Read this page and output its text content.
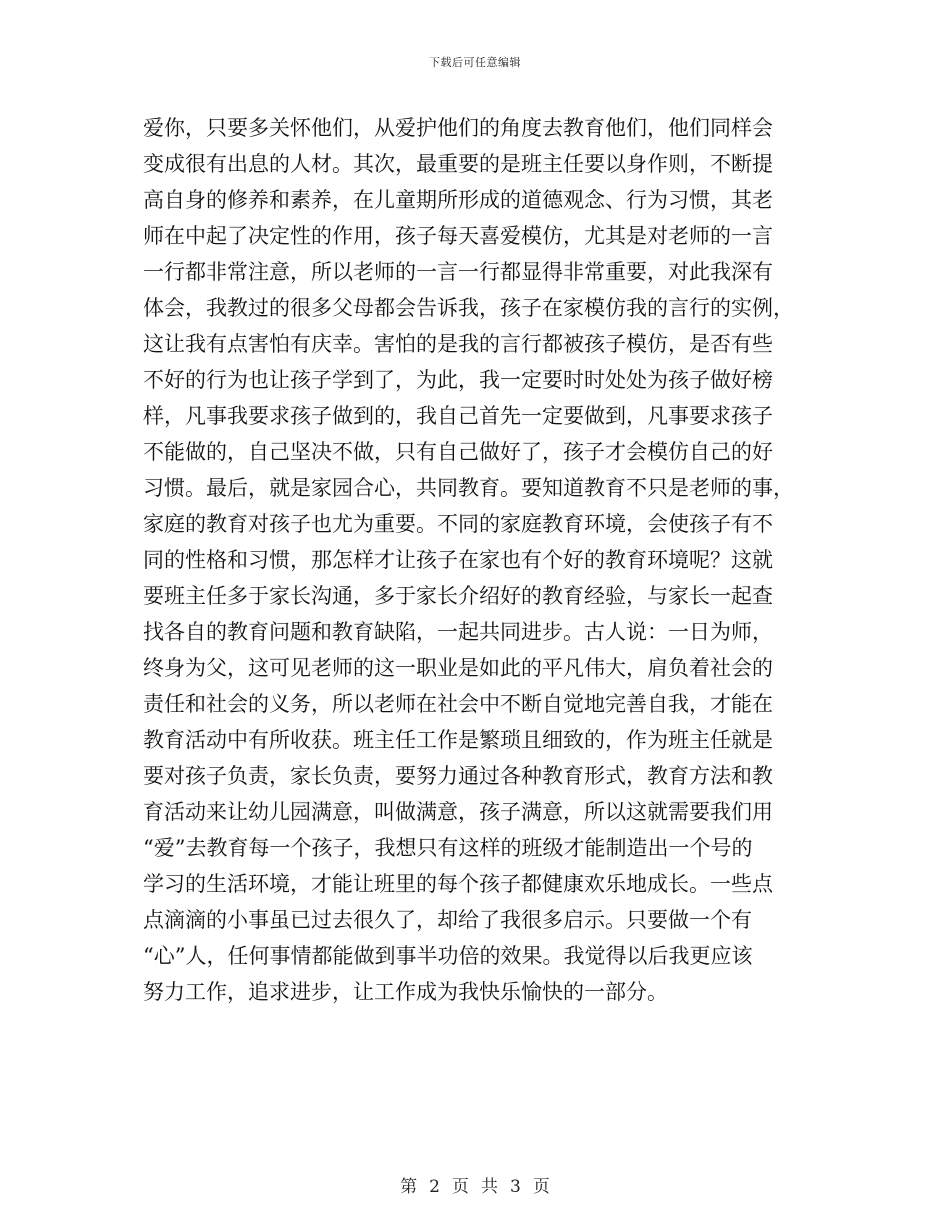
下载后可任意编辑
爱你，只要多关怀他们，从爱护他们的角度去教育他们，他们同样会
变成很有出息的人材。其次，最重要的是班主任要以身作则，不断提
高自身的修养和素养，在儿童期所形成的道德观念、行为习惯，其老
师在中起了决定性的作用，孩子每天喜爱模仿，尤其是对老师的一言
一行都非常注意，所以老师的一言一行都显得非常重要，对此我深有
体会，我教过的很多父母都会告诉我，孩子在家模仿我的言行的实例，
这让我有点害怕有庆幸。害怕的是我的言行都被孩子模仿，是否有些
不好的行为也让孩子学到了，为此，我一定要时时处处为孩子做好榜
样，凡事我要求孩子做到的，我自己首先一定要做到，凡事要求孩子
不能做的，自己坚决不做，只有自己做好了，孩子才会模仿自己的好
习惯。最后，就是家园合心，共同教育。要知道教育不只是老师的事，
家庭的教育对孩子也尤为重要。不同的家庭教育环境，会使孩子有不
同的性格和习惯，那怎样才让孩子在家也有个好的教育环境呢？这就
要班主任多于家长沟通，多于家长介绍好的教育经验，与家长一起查
找各自的教育问题和教育缺陷，一起共同进步。古人说：一日为师，
终身为父，这可见老师的这一职业是如此的平凡伟大，肩负着社会的
责任和社会的义务，所以老师在社会中不断自觉地完善自我，才能在
教育活动中有所收获。班主任工作是繁琐且细致的，作为班主任就是
要对孩子负责，家长负责，要努力通过各种教育形式，教育方法和教
育活动来让幼儿园满意，叫做满意，孩子满意，所以这就需要我们用
“爱”去教育每一个孩子，我想只有这样的班级才能制造出一个号的
学习的生活环境，才能让班里的每个孩子都健康欢乐地成长。一些点
点滴滴的小事虽已过去很久了，却给了我很多启示。只要做一个有
“心”人，任何事情都能做到事半功倍的效果。我觉得以后我更应该
努力工作，追求进步，让工作成为我快乐愉快的一部分。
第 2 页 共 3 页
